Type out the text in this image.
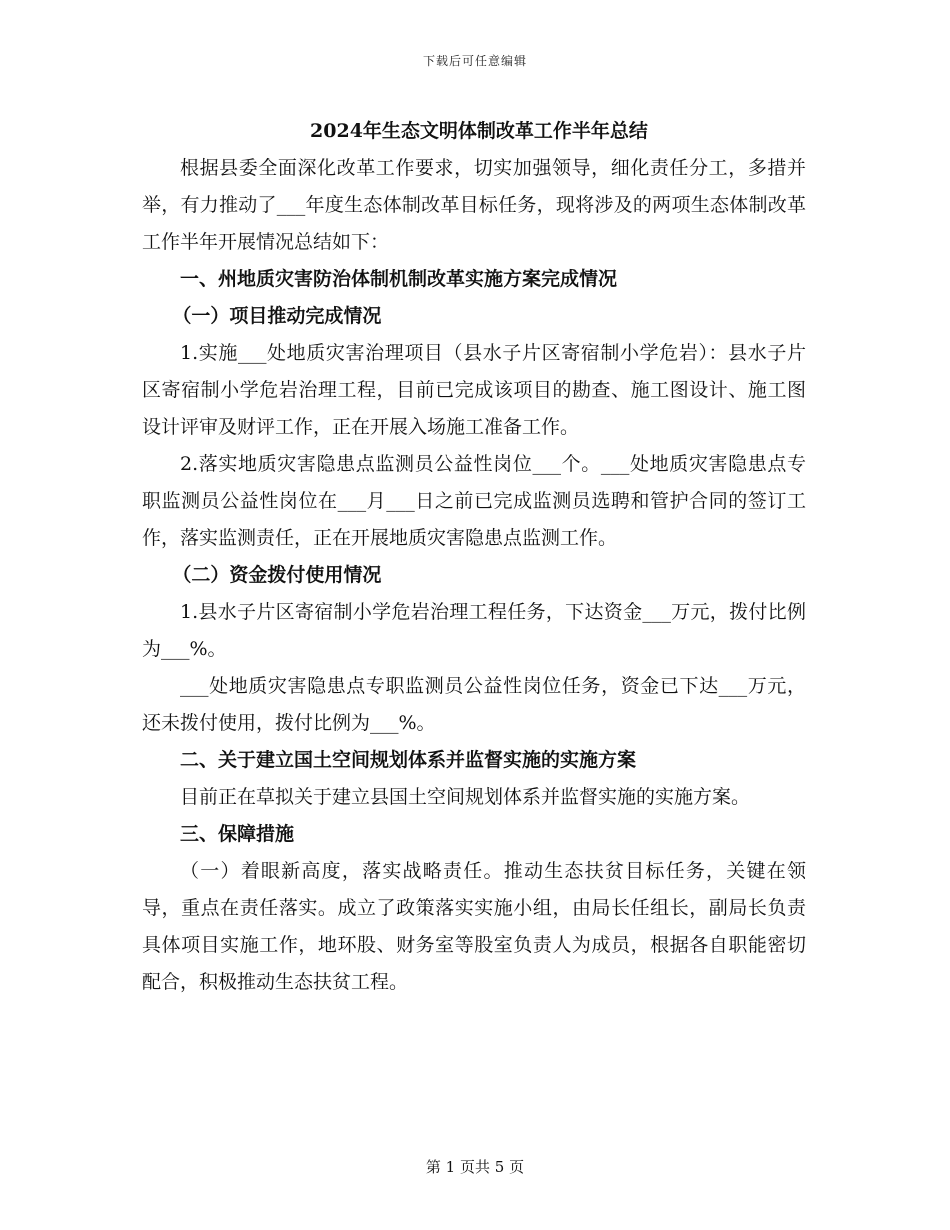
下载后可任意编辑
2024年生态文明体制改革工作半年总结

根据县委全面深化改革工作要求，切实加强领导，细化责任分工，多措并举，有力推动了___年度生态体制改革目标任务，现将涉及的两项生态体制改革工作半年开展情况总结如下：

一、州地质灾害防治体制机制改革实施方案完成情况

（一）项目推动完成情况

1.实施___处地质灾害治理项目（县水子片区寄宿制小学危岩）：县水子片区寄宿制小学危岩治理工程，目前已完成该项目的勘查、施工图设计、施工图设计评审及财评工作，正在开展入场施工准备工作。

2.落实地质灾害隐患点监测员公益性岗位___个。___处地质灾害隐患点专职监测员公益性岗位在___月___日之前已完成监测员选聘和管护合同的签订工作，落实监测责任，正在开展地质灾害隐患点监测工作。

（二）资金拨付使用情况

1.县水子片区寄宿制小学危岩治理工程任务，下达资金___万元，拨付比例为___%。

___处地质灾害隐患点专职监测员公益性岗位任务，资金已下达___万元，还未拨付使用，拨付比例为___%。

二、关于建立国土空间规划体系并监督实施的实施方案

目前正在草拟关于建立县国土空间规划体系并监督实施的实施方案。

三、保障措施

（一）着眼新高度，落实战略责任。推动生态扶贫目标任务，关键在领导，重点在责任落实。成立了政策落实实施小组，由局长任组长，副局长负责具体项目实施工作，地环股、财务室等股室负责人为成员，根据各自职能密切配合，积极推动生态扶贫工程。

第 1 页共 5 页
